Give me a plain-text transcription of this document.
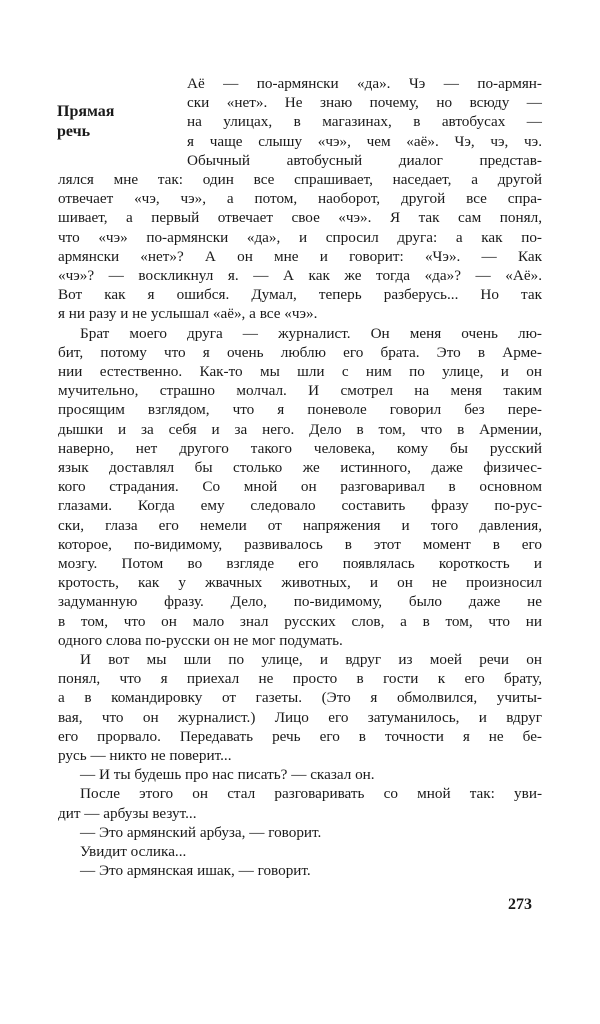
Прямая
речь
Аё — по-армянски «да». Чэ — по-армян-
ски «нет». Не знаю почему, но всюду —
на улицах, в магазинах, в автобусах —
я чаще слышу «чэ», чем «аё». Чэ, чэ, чэ.
Обычный автобусный диалог представ-
лялся мне так: один все спрашивает, наседает, а другой
отвечает «чэ, чэ», а потом, наоборот, другой все спра-
шивает, а первый отвечает свое «чэ». Я так сам понял,
что «чэ» по-армянски «да», и спросил друга: а как по-
армянски «нет»? А он мне и говорит: «Чэ». — Как
«чэ»? — воскликнул я. — А как же тогда «да»? — «Аё».
Вот как я ошибся. Думал, теперь разберусь... Но так
я ни разу и не услышал «аё», а все «чэ».
Брат моего друга — журналист. Он меня очень лю-
бит, потому что я очень люблю его брата. Это в Арме-
нии естественно. Как-то мы шли с ним по улице, и он
мучительно, страшно молчал. И смотрел на меня таким
просящим взглядом, что я поневоле говорил без пере-
дышки и за себя и за него. Дело в том, что в Армении,
наверно, нет другого такого человека, кому бы русский
язык доставлял бы столько же истинного, даже физичес-
кого страдания. Со мной он разговаривал в основном
глазами. Когда ему следовало составить фразу по-рус-
ски, глаза его немели от напряжения и того давления,
которое, по-видимому, развивалось в этот момент в его
мозгу. Потом во взгляде его появлялась короткость и
кротость, как у жвачных животных, и он не произносил
задуманную фразу. Дело, по-видимому, было даже не
в том, что он мало знал русских слов, а в том, что ни
одного слова по-русски он не мог подумать.
И вот мы шли по улице, и вдруг из моей речи он
понял, что я приехал не просто в гости к его брату,
а в командировку от газеты. (Это я обмолвился, учиты-
вая, что он журналист.) Лицо его затуманилось, и вдруг
его прорвало. Передавать речь его в точности я не бе-
русь — никто не поверит...
— И ты будешь про нас писать? — сказал он.
После этого он стал разговаривать со мной так: уви-
дит — арбузы везут...
273
— Это армянский арбуза, — говорит.
Увидит ослика...
— Это армянская ишак, — говорит.
